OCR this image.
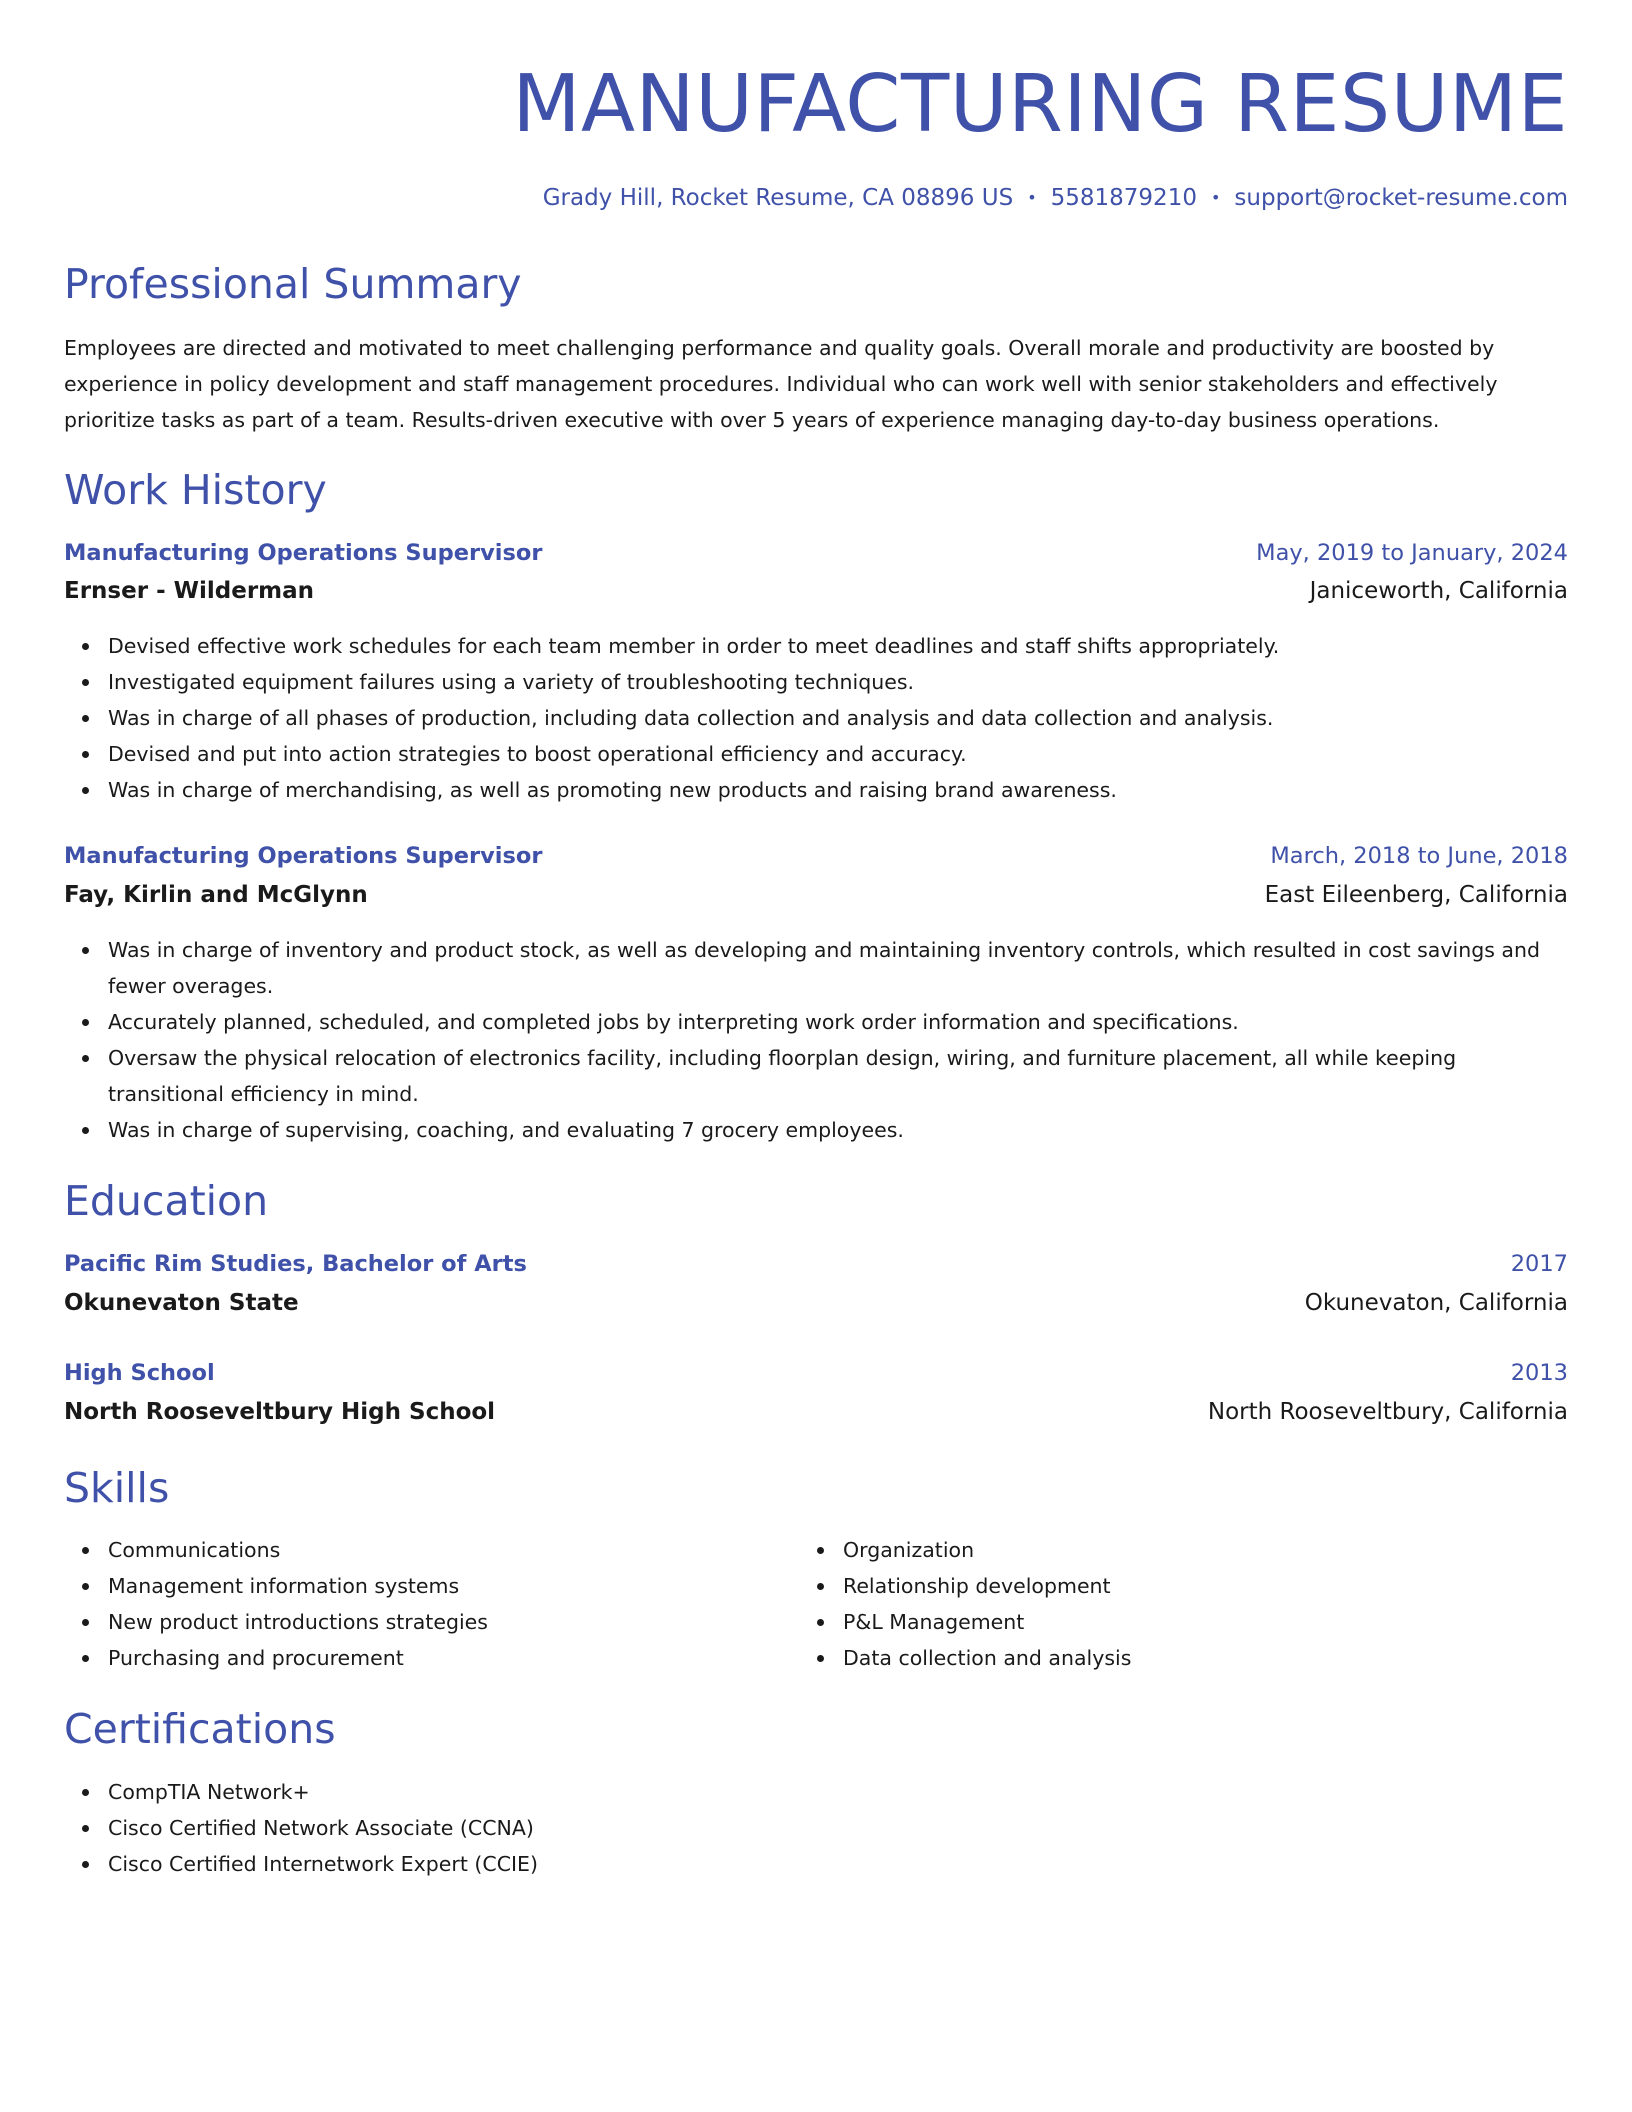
MANUFACTURING RESUME
Grady Hill, Rocket Resume, CA 08896 US • 5581879210 • support@rocket-resume.com
Professional Summary

Employees are directed and motivated to meet challenging performance and quality goals. Overall morale and productivity are boosted by experience in policy development and staff management procedures. Individual who can work well with senior stakeholders and effectively prioritize tasks as part of a team. Results-driven executive with over 5 years of experience managing day-to-day business operations.

Work History
Manufacturing Operations Supervisor	May, 2019 to January, 2024
Ernser - Wilderman	Janiceworth, California
Devised effective work schedules for each team member in order to meet deadlines and staff shifts appropriately.
Investigated equipment failures using a variety of troubleshooting techniques.
Was in charge of all phases of production, including data collection and analysis and data collection and analysis.
Devised and put into action strategies to boost operational efficiency and accuracy.
Was in charge of merchandising, as well as promoting new products and raising brand awareness.
Manufacturing Operations Supervisor	March, 2018 to June, 2018
Fay, Kirlin and McGlynn	East Eileenberg, California
Was in charge of inventory and product stock, as well as developing and maintaining inventory controls, which resulted in cost savings and fewer overages.
Accurately planned, scheduled, and completed jobs by interpreting work order information and specifications.
Oversaw the physical relocation of electronics facility, including floorplan design, wiring, and furniture placement, all while keeping transitional efficiency in mind.
Was in charge of supervising, coaching, and evaluating 7 grocery employees.
Education
Pacific Rim Studies, Bachelor of Arts	2017
Okunevaton State	Okunevaton, California
High School	2013
North Rooseveltbury High School	North Rooseveltbury, California
Skills
Communications
Management information systems
New product introductions strategies
Purchasing and procurement
Organization
Relationship development
P&L Management
Data collection and analysis
Certifications
CompTIA Network+
Cisco Certified Network Associate (CCNA)
Cisco Certified Internetwork Expert (CCIE)
